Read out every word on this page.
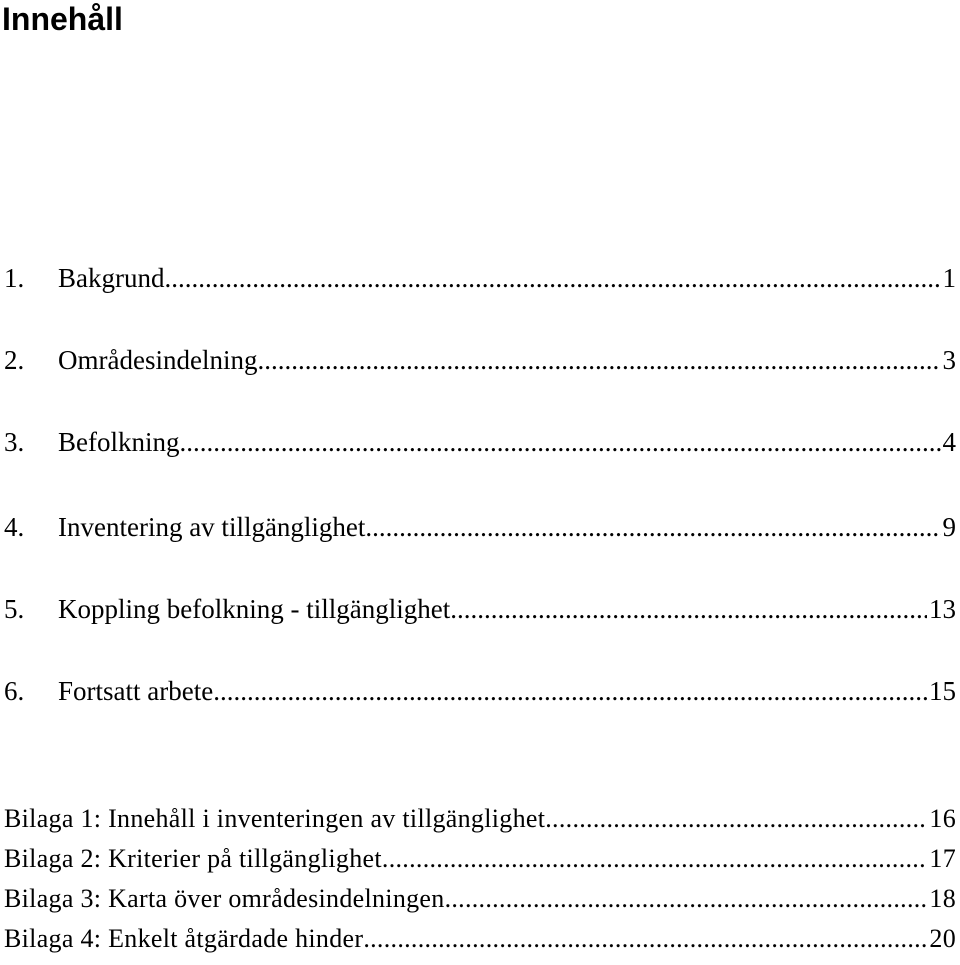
Innehåll
1.	Bakgrund .....	1
2.	Områdesindelning .....	3
3.	Befolkning .....	4
4.	Inventering av tillgänglighet .....	9
5.	Koppling befolkning - tillgänglighet .....	13
6.	Fortsatt arbete .....	15
Bilaga 1: Innehåll i inventeringen av tillgänglighet .....	16
Bilaga 2: Kriterier på tillgänglighet .....	17
Bilaga 3: Karta över områdesindelningen .....	18
Bilaga 4: Enkelt åtgärdade hinder .....	20
